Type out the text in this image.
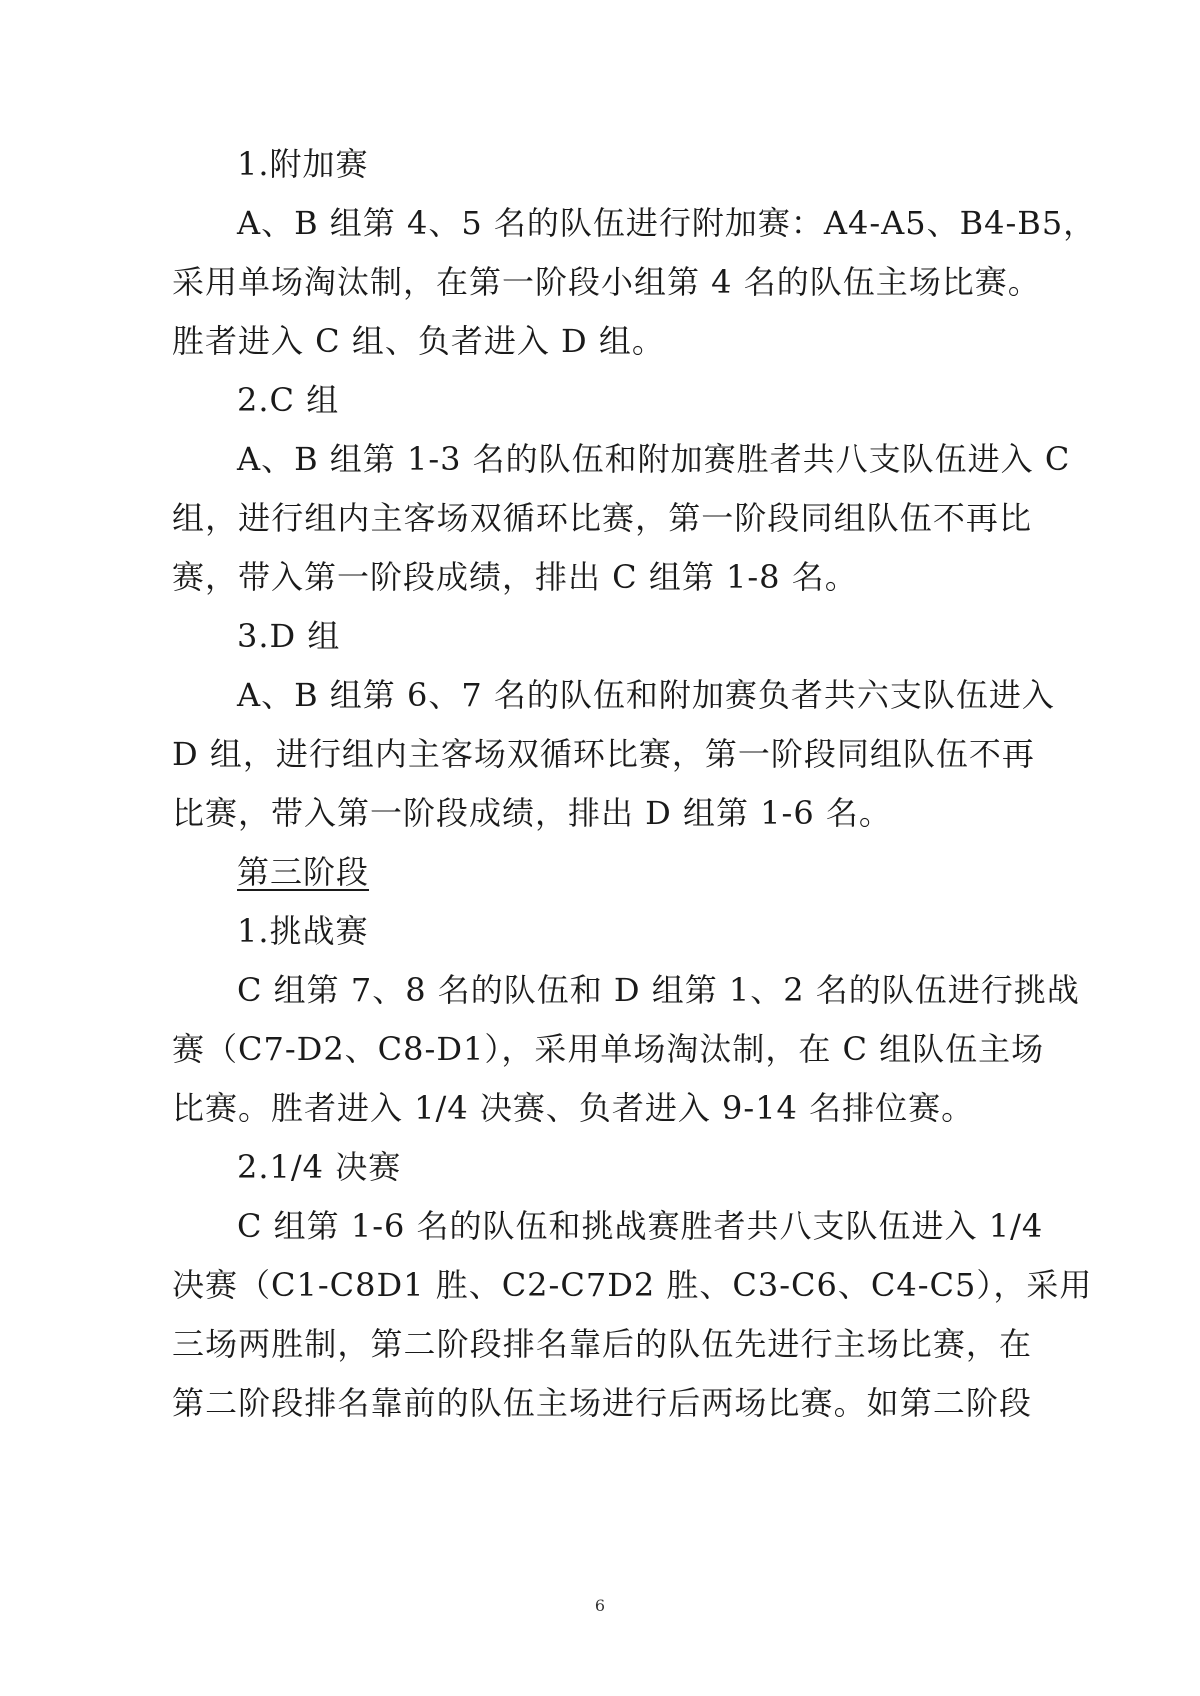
1.附加赛
A、B 组第 4、5 名的队伍进行附加赛：A4-A5、B4-B5，
采用单场淘汰制，在第一阶段小组第 4 名的队伍主场比赛。
胜者进入 C 组、负者进入 D 组。
2.C 组
A、B 组第 1-3 名的队伍和附加赛胜者共八支队伍进入 C
组，进行组内主客场双循环比赛，第一阶段同组队伍不再比
赛，带入第一阶段成绩，排出 C 组第 1-8 名。
3.D 组
A、B 组第 6、7 名的队伍和附加赛负者共六支队伍进入
D 组，进行组内主客场双循环比赛，第一阶段同组队伍不再
比赛，带入第一阶段成绩，排出 D 组第 1-6 名。
第三阶段
1.挑战赛
C 组第 7、8 名的队伍和 D 组第 1、2 名的队伍进行挑战
赛（C7-D2、C8-D1），采用单场淘汰制，在 C 组队伍主场
比赛。胜者进入 1/4 决赛、负者进入 9-14 名排位赛。
2.1/4 决赛
C 组第 1-6 名的队伍和挑战赛胜者共八支队伍进入 1/4
决赛（C1-C8D1 胜、C2-C7D2 胜、C3-C6、C4-C5），采用
三场两胜制，第二阶段排名靠后的队伍先进行主场比赛，在
第二阶段排名靠前的队伍主场进行后两场比赛。如第二阶段
6
